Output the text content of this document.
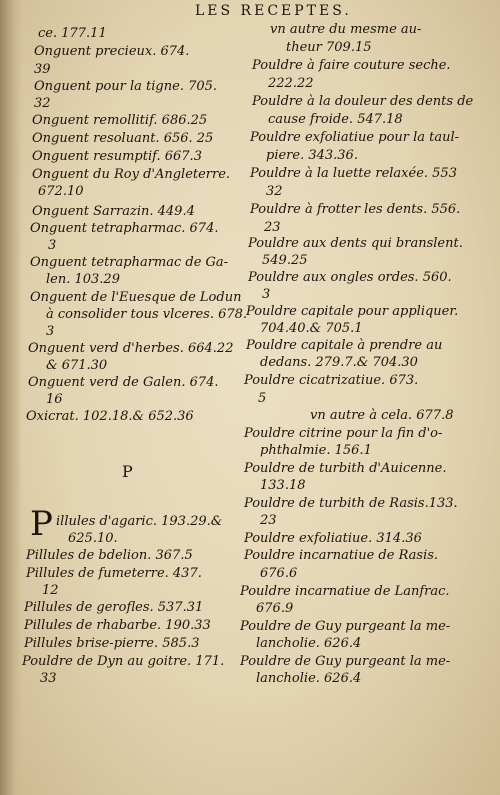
LES RECEPTES.
ce. 177.11
Onguent precieux. 674.
39
Onguent pour la tigne. 705.
32
Onguent remollitif. 686.25
Onguent resoluant. 656. 25
Onguent resumptif. 667.3
Onguent du Roy d'Angleterre.
672.10
Onguent Sarrazin. 449.4
Onguent tetrapharmac. 674.
3
Onguent tetrapharmac de Ga-
len. 103.29
Onguent de l'Euesque de Lodun
à consolider tous vlceres. 678.
3
Onguent verd d'herbes. 664.22
& 671.30
Onguent verd de Galen. 674.
16
Oxicrat. 102.18.& 652.36
P
P illules d'agaric. 193.29.&
625.10.
Pillules de bdelion. 367.5
Pillules de fumeterre. 437.
12
Pillules de gerofles. 537.31
Pillules de rhabarbe. 190.33
Pillules brise-pierre. 585.3
Pouldre de Dyn au goitre. 171.
33
vn autre du mesme au-
theur 709.15
Pouldre à faire couture seche.
222.22
Pouldre à la douleur des dents de
cause froide. 547.18
Pouldre exfoliatiue pour la taul-
piere. 343.36.
Pouldre à la luette relaxée. 553
32
Pouldre à frotter les dents. 556.
23
Pouldre aux dents qui branslent.
549.25
Pouldre aux ongles ordes. 560.
3
Pouldre capitale pour appliquer.
704.40.& 705.1
Pouldre capitale à prendre au
dedans. 279.7.& 704.30
Pouldre cicatrizatiue. 673.
5
vn autre à cela. 677.8
Pouldre citrine pour la fin d'o-
phthalmie. 156.1
Pouldre de turbith d'Auicenne.
133.18
Pouldre de turbith de Rasis.133.
23
Pouldre exfoliatiue. 314.36
Pouldre incarnatiue de Rasis.
676.6
Pouldre incarnatiue de Lanfrac.
676.9
Pouldre de Guy purgeant la me-
lancholie. 626.4
Pouldre de Guy purgeant la me-
lancholie. 626.4
